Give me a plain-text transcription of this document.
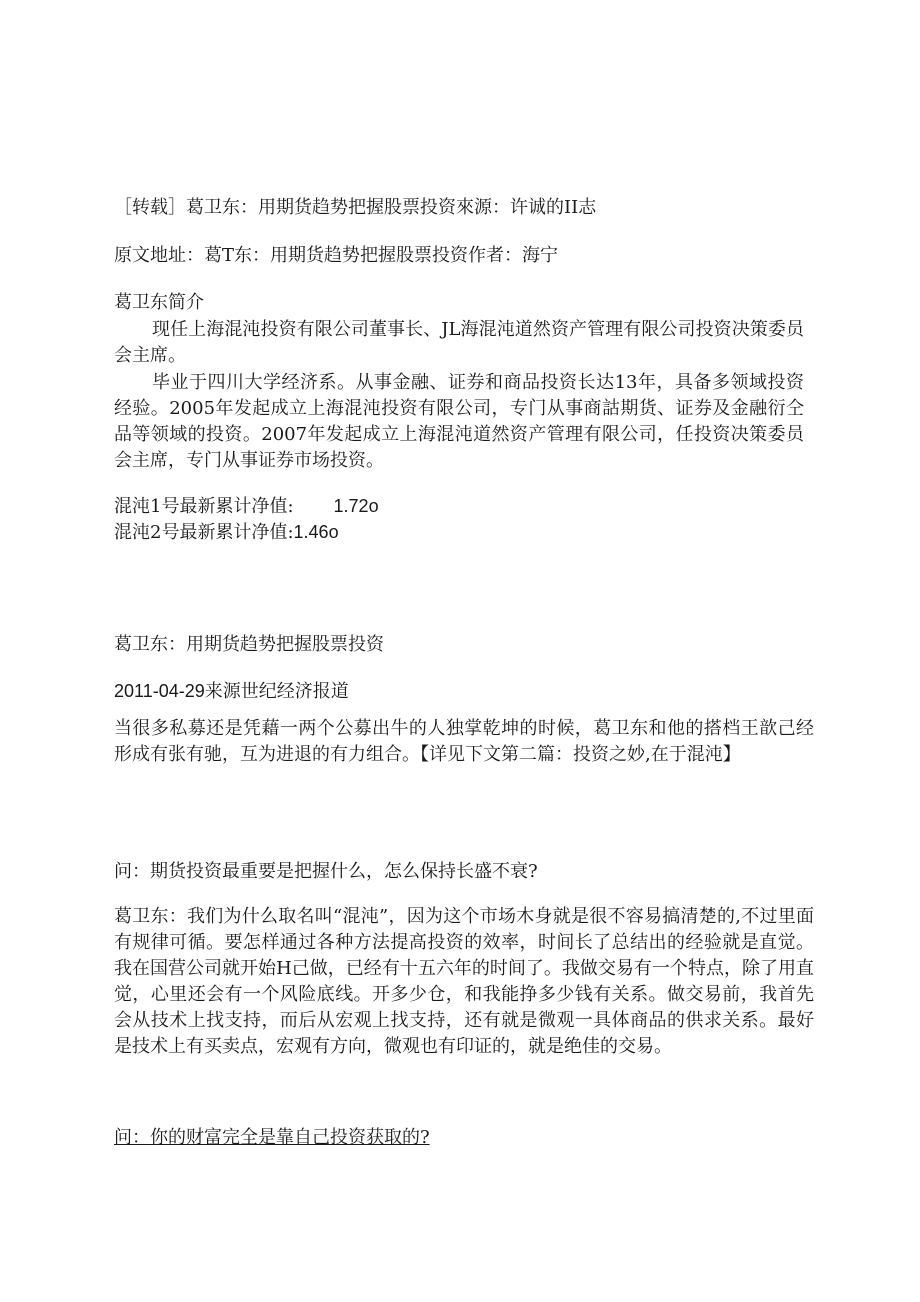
［转载］葛卫东：用期货趋势把握股票投资來源：许诚的II志
原文地址：葛T东：用期货趋势把握股票投资作者：海宁
葛卫东简介
现任上海混沌投资有限公司董事长、JL海混沌道然资产管理有限公司投资决策委员会主席。
毕业于四川大学经济系。从事金融、证券和商品投资长达13年，具备多领域投资经验。2005年发起成立上海混沌投资有限公司，专门从事商詁期货、证券及金融衍仝品等领域的投资。2007年发起成立上海混沌道然资产管理有限公司，任投资决策委员会主席，专门从事证券市场投资。
混沌1号最新累计净值: 1.72o
混沌2号最新累计净值:1.46o
葛卫东：用期货趋势把握股票投资
2011-04-29来源世纪经济报道
当很多私募还是凭藉一两个公募出牛的人独掌乾坤的时候，葛卫东和他的搭档王歆己经形成有张有驰，互为进退的有力组合。【详见下文第二篇：投资之妙,在于混沌】
问：期货投资最重要是把握什么，怎么保持长盛不衰?
葛卫东：我们为什么取名叫“混沌”，因为这个市场木身就是很不容易搞清楚的,不过里面有规律可循。要怎样通过各种方法提高投资的效率，时间长了总结出的经验就是直觉。我在国营公司就开始H己做，已经有十五六年的时间了。我做交易有一个特点，除了用直觉，心里还会有一个风险底线。开多少仓，和我能挣多少钱有关系。做交易前，我首先会从技术上找支持，而后从宏观上找支持，还有就是微观一具体商品的供求关系。最好是技术上有买卖点，宏观有方向，微观也有印证的，就是绝佳的交易。
问：你的财富完全是靠自己投资获取的?
